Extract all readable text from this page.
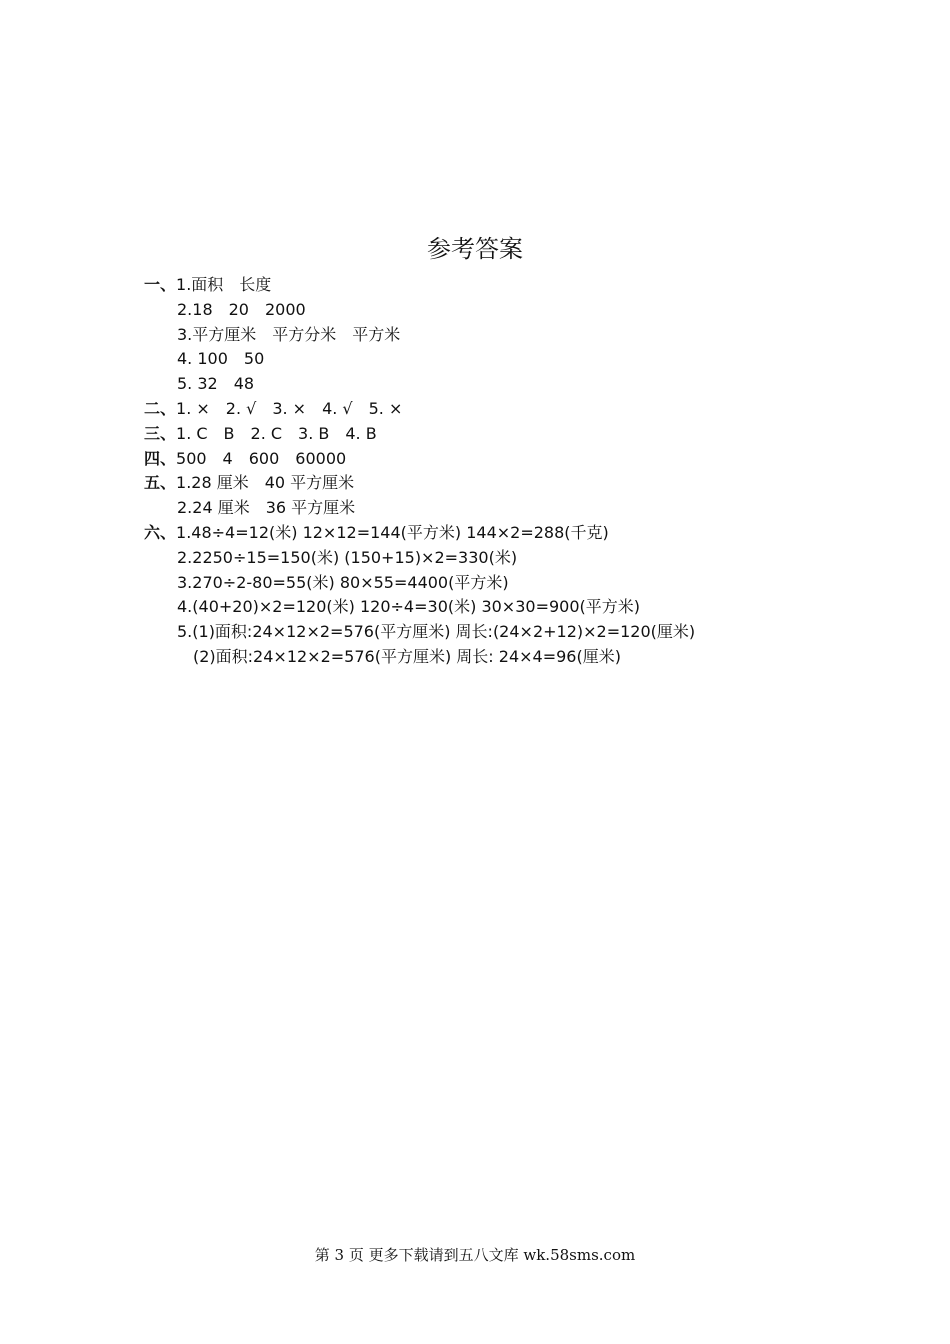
参考答案
一、1.面积　长度
2.18　20　2000
3.平方厘米　平方分米　平方米
4. 100　50
5. 32　48
二、1. ×　2. √　3. ×　4. √　5. ×
三、1. C　B　2. C　3. B　4. B
四、500　4　600　60000
五、1.28 厘米　40 平方厘米
2.24 厘米　36 平方厘米
六、1.48÷4=12(米) 12×12=144(平方米) 144×2=288(千克)
2.2250÷15=150(米) (150+15)×2=330(米)
3.270÷2-80=55(米) 80×55=4400(平方米)
4.(40+20)×2=120(米) 120÷4=30(米) 30×30=900(平方米)
5.(1)面积:24×12×2=576(平方厘米) 周长:(24×2+12)×2=120(厘米)
(2)面积:24×12×2=576(平方厘米) 周长: 24×4=96(厘米)
第 3 页 更多下载请到五八文库 wk.58sms.com
